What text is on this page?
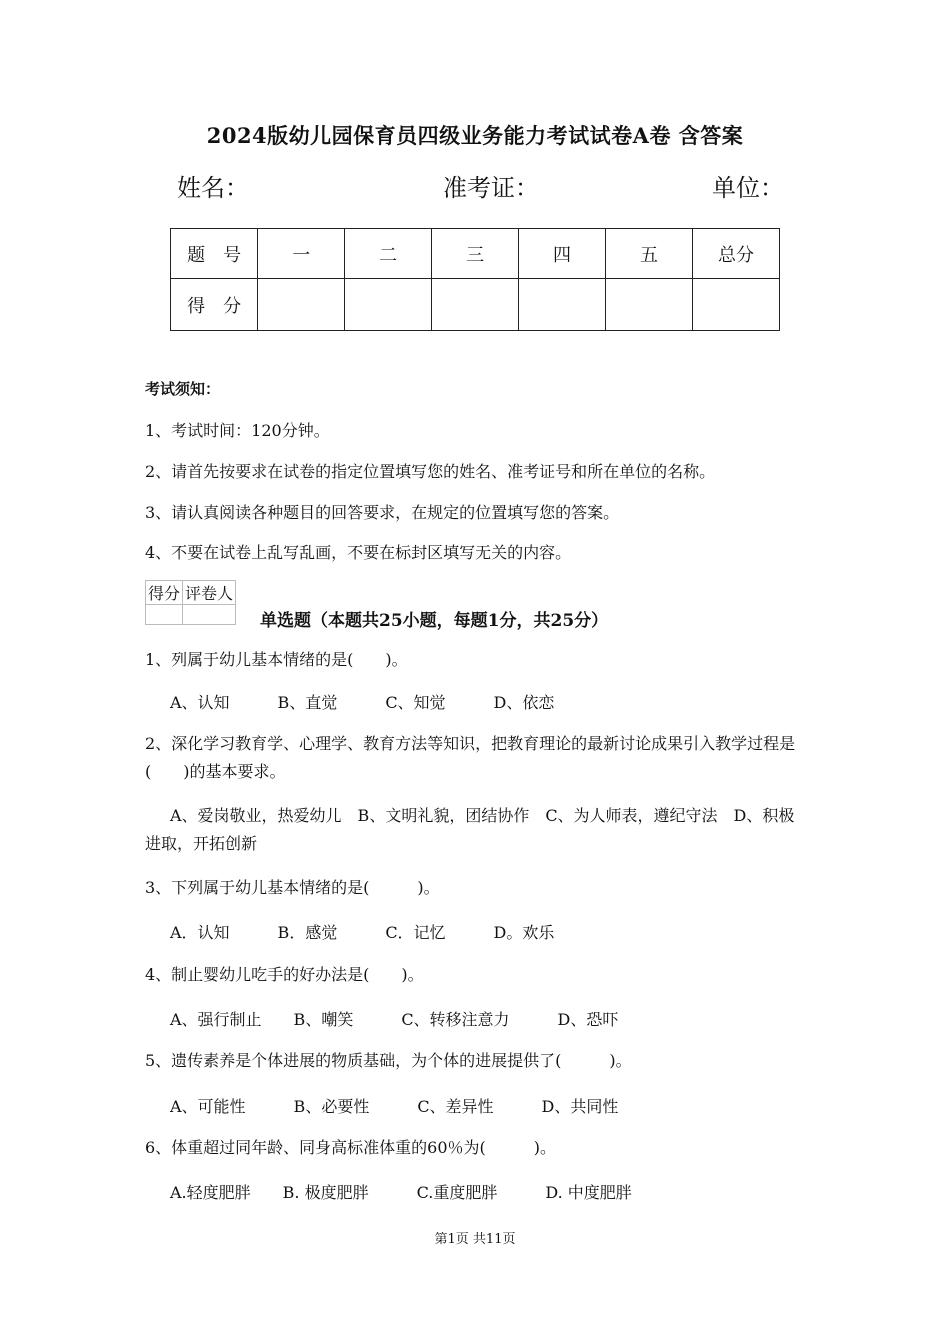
2024版幼儿园保育员四级业务能力考试试卷A卷 含答案
姓名：	准考证：	单位：
题　号	一	二	三	四	五	总分
得　分						
考试须知：
1、考试时间：120分钟。
2、请首先按要求在试卷的指定位置填写您的姓名、准考证号和所在单位的名称。
3、请认真阅读各种题目的回答要求，在规定的位置填写您的答案。
4、不要在试卷上乱写乱画，不要在标封区填写无关的内容。
得分	评卷人

单选题（本题共25小题，每题1分，共25分）
1、列属于幼儿基本情绪的是(　　)。
A、认知　　　B、直觉　　　C、知觉　　　D、依恋
2、深化学习教育学、心理学、教育方法等知识，把教育理论的最新讨论成果引入教学过程是(　　)的基本要求。
A、爱岗敬业，热爱幼儿　B、文明礼貌，团结协作　C、为人师表，遵纪守法　D、积极进取，开拓创新
3、下列属于幼儿基本情绪的是(　　　)。
A．认知　　　B．感觉　　　C．记忆　　　D。欢乐
4、制止婴幼儿吃手的好办法是(　　)。
A、强行制止　　B、嘲笑　　　C、转移注意力　　　D、恐吓
5、遗传素养是个体进展的物质基础，为个体的进展提供了(　　　)。
A、可能性　　　B、必要性　　　C、差异性　　　D、共同性
6、体重超过同年龄、同身高标准体重的60％为(　　　)。
A.轻度肥胖　　B. 极度肥胖　　　C.重度肥胖　　　D. 中度肥胖
第1页 共11页
